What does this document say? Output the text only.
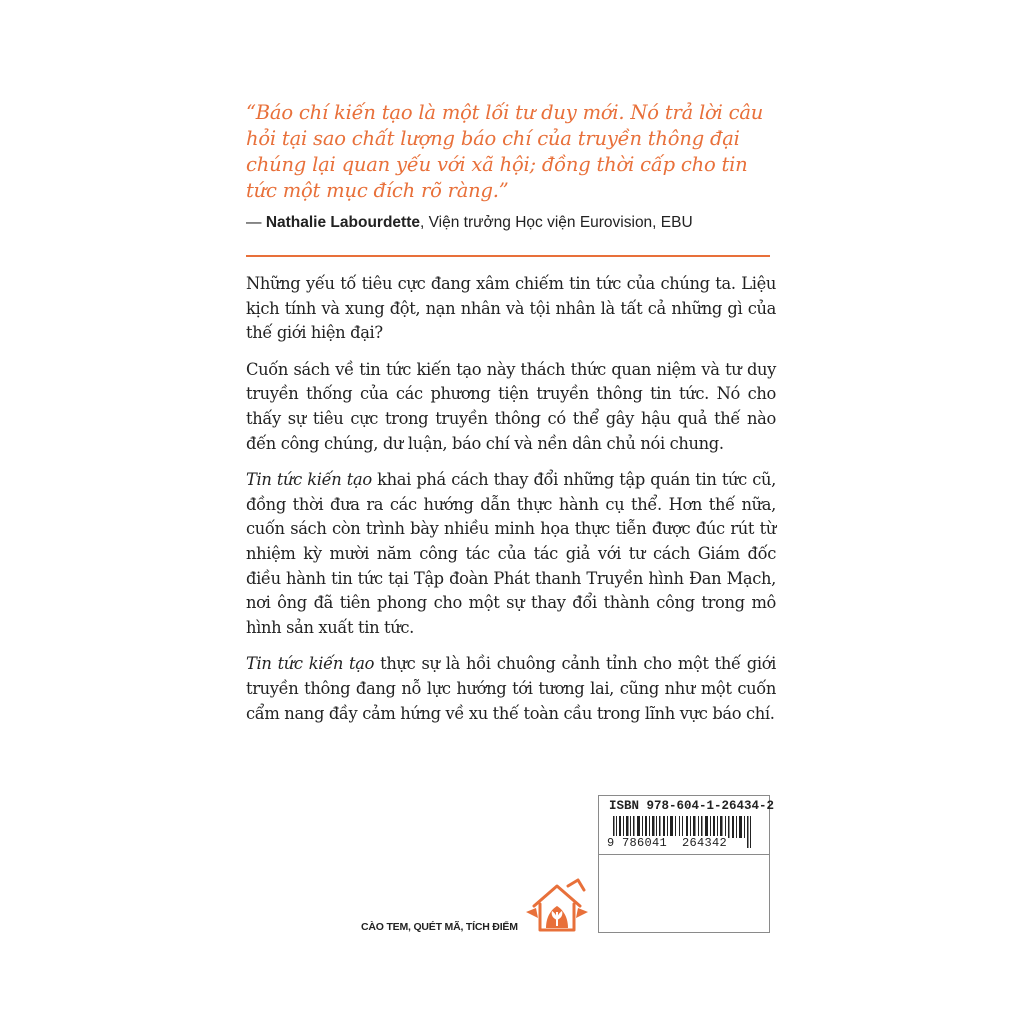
“Báo chí kiến tạo là một lối tư duy mới. Nó trả lời câu hỏi tại sao chất lượng báo chí của truyền thông đại chúng lại quan yếu với xã hội; đồng thời cấp cho tin tức một mục đích rõ ràng.”
— Nathalie Labourdette, Viện trưởng Học viện Eurovision, EBU

Những yếu tố tiêu cực đang xâm chiếm tin tức của chúng ta. Liệu kịch tính và xung đột, nạn nhân và tội nhân là tất cả những gì của thế giới hiện đại?

Cuốn sách về tin tức kiến tạo này thách thức quan niệm và tư duy truyền thống của các phương tiện truyền thông tin tức. Nó cho thấy sự tiêu cực trong truyền thông có thể gây hậu quả thế nào đến công chúng, dư luận, báo chí và nền dân chủ nói chung.

Tin tức kiến tạo khai phá cách thay đổi những tập quán tin tức cũ, đồng thời đưa ra các hướng dẫn thực hành cụ thể. Hơn thế nữa, cuốn sách còn trình bày nhiều minh họa thực tiễn được đúc rút từ nhiệm kỳ mười năm công tác của tác giả với tư cách Giám đốc điều hành tin tức tại Tập đoàn Phát thanh Truyền hình Đan Mạch, nơi ông đã tiên phong cho một sự thay đổi thành công trong mô hình sản xuất tin tức.

Tin tức kiến tạo thực sự là hồi chuông cảnh tỉnh cho một thế giới truyền thông đang nỗ lực hướng tới tương lai, cũng như một cuốn cẩm nang đầy cảm hứng về xu thế toàn cầu trong lĩnh vực báo chí.

ISBN 978-604-1-26434-2
9 786041  264342
CÀO TEM, QUÉT MÃ, TÍCH ĐIỂM
